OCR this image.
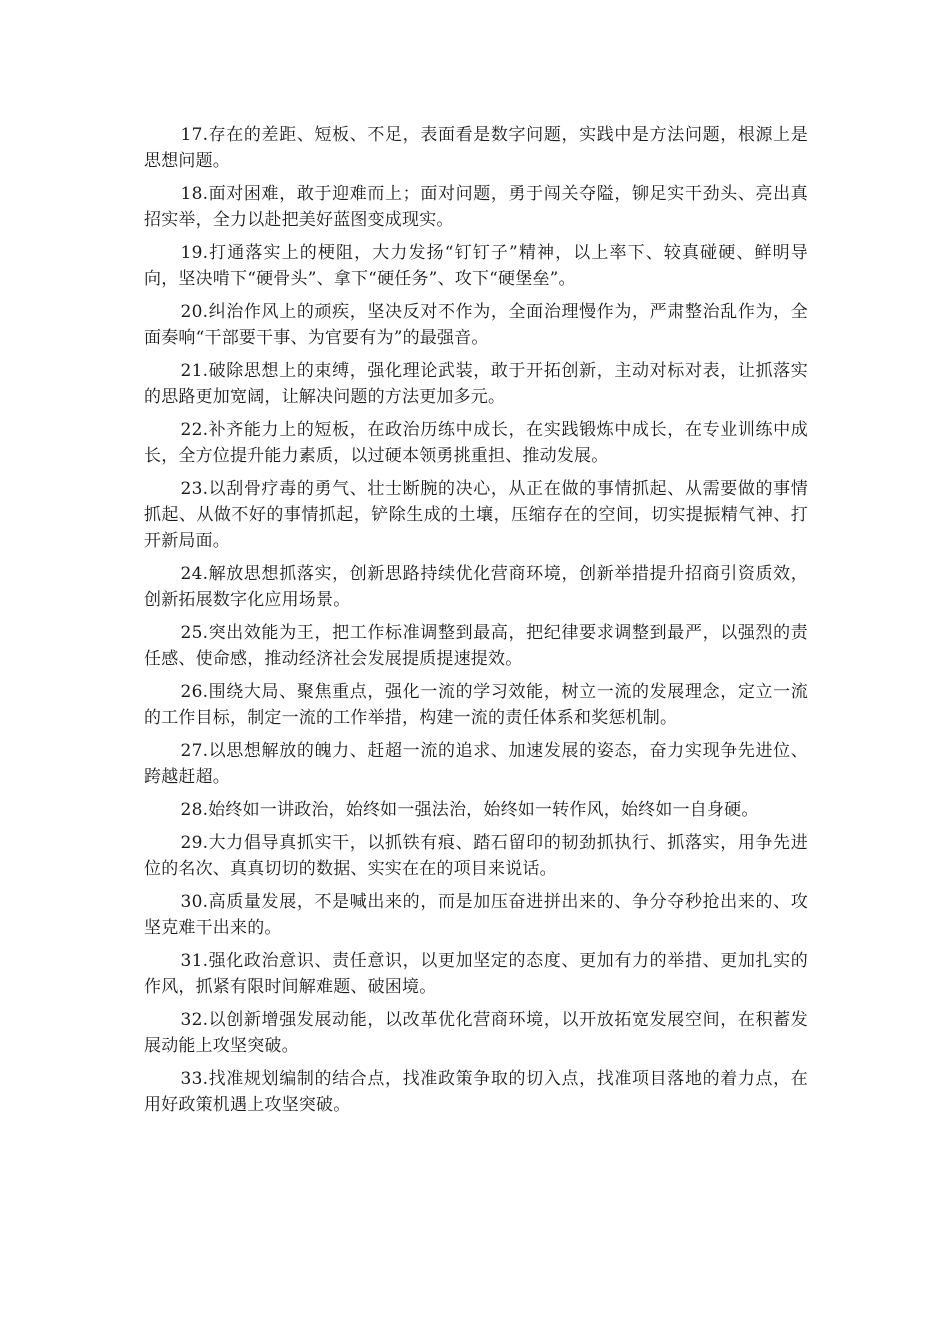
17.存在的差距、短板、不足，表面看是数字问题，实践中是方法问题，根源上是思想问题。

18.面对困难，敢于迎难而上；面对问题，勇于闯关夺隘，铆足实干劲头、亮出真招实举，全力以赴把美好蓝图变成现实。

19.打通落实上的梗阻，大力发扬“钉钉子”精神，以上率下、较真碰硬、鲜明导向，坚决啃下“硬骨头”、拿下“硬任务”、攻下“硬堡垒”。

20.纠治作风上的顽疾，坚决反对不作为，全面治理慢作为，严肃整治乱作为，全面奏响“干部要干事、为官要有为”的最强音。

21.破除思想上的束缚，强化理论武装，敢于开拓创新，主动对标对表，让抓落实的思路更加宽阔，让解决问题的方法更加多元。

22.补齐能力上的短板，在政治历练中成长，在实践锻炼中成长，在专业训练中成长，全方位提升能力素质，以过硬本领勇挑重担、推动发展。

23.以刮骨疗毒的勇气、壮士断腕的决心，从正在做的事情抓起、从需要做的事情抓起、从做不好的事情抓起，铲除生成的土壤，压缩存在的空间，切实提振精气神、打开新局面。

24.解放思想抓落实，创新思路持续优化营商环境，创新举措提升招商引资质效，创新拓展数字化应用场景。

25.突出效能为王，把工作标准调整到最高，把纪律要求调整到最严，以强烈的责任感、使命感，推动经济社会发展提质提速提效。

26.围绕大局、聚焦重点，强化一流的学习效能，树立一流的发展理念，定立一流的工作目标，制定一流的工作举措，构建一流的责任体系和奖惩机制。

27.以思想解放的魄力、赶超一流的追求、加速发展的姿态，奋力实现争先进位、跨越赶超。

28.始终如一讲政治，始终如一强法治，始终如一转作风，始终如一自身硬。

29.大力倡导真抓实干，以抓铁有痕、踏石留印的韧劲抓执行、抓落实，用争先进位的名次、真真切切的数据、实实在在的项目来说话。

30.高质量发展，不是喊出来的，而是加压奋进拼出来的、争分夺秒抢出来的、攻坚克难干出来的。

31.强化政治意识、责任意识，以更加坚定的态度、更加有力的举措、更加扎实的作风，抓紧有限时间解难题、破困境。

32.以创新增强发展动能，以改革优化营商环境，以开放拓宽发展空间，在积蓄发展动能上攻坚突破。

33.找准规划编制的结合点，找准政策争取的切入点，找准项目落地的着力点，在用好政策机遇上攻坚突破。
